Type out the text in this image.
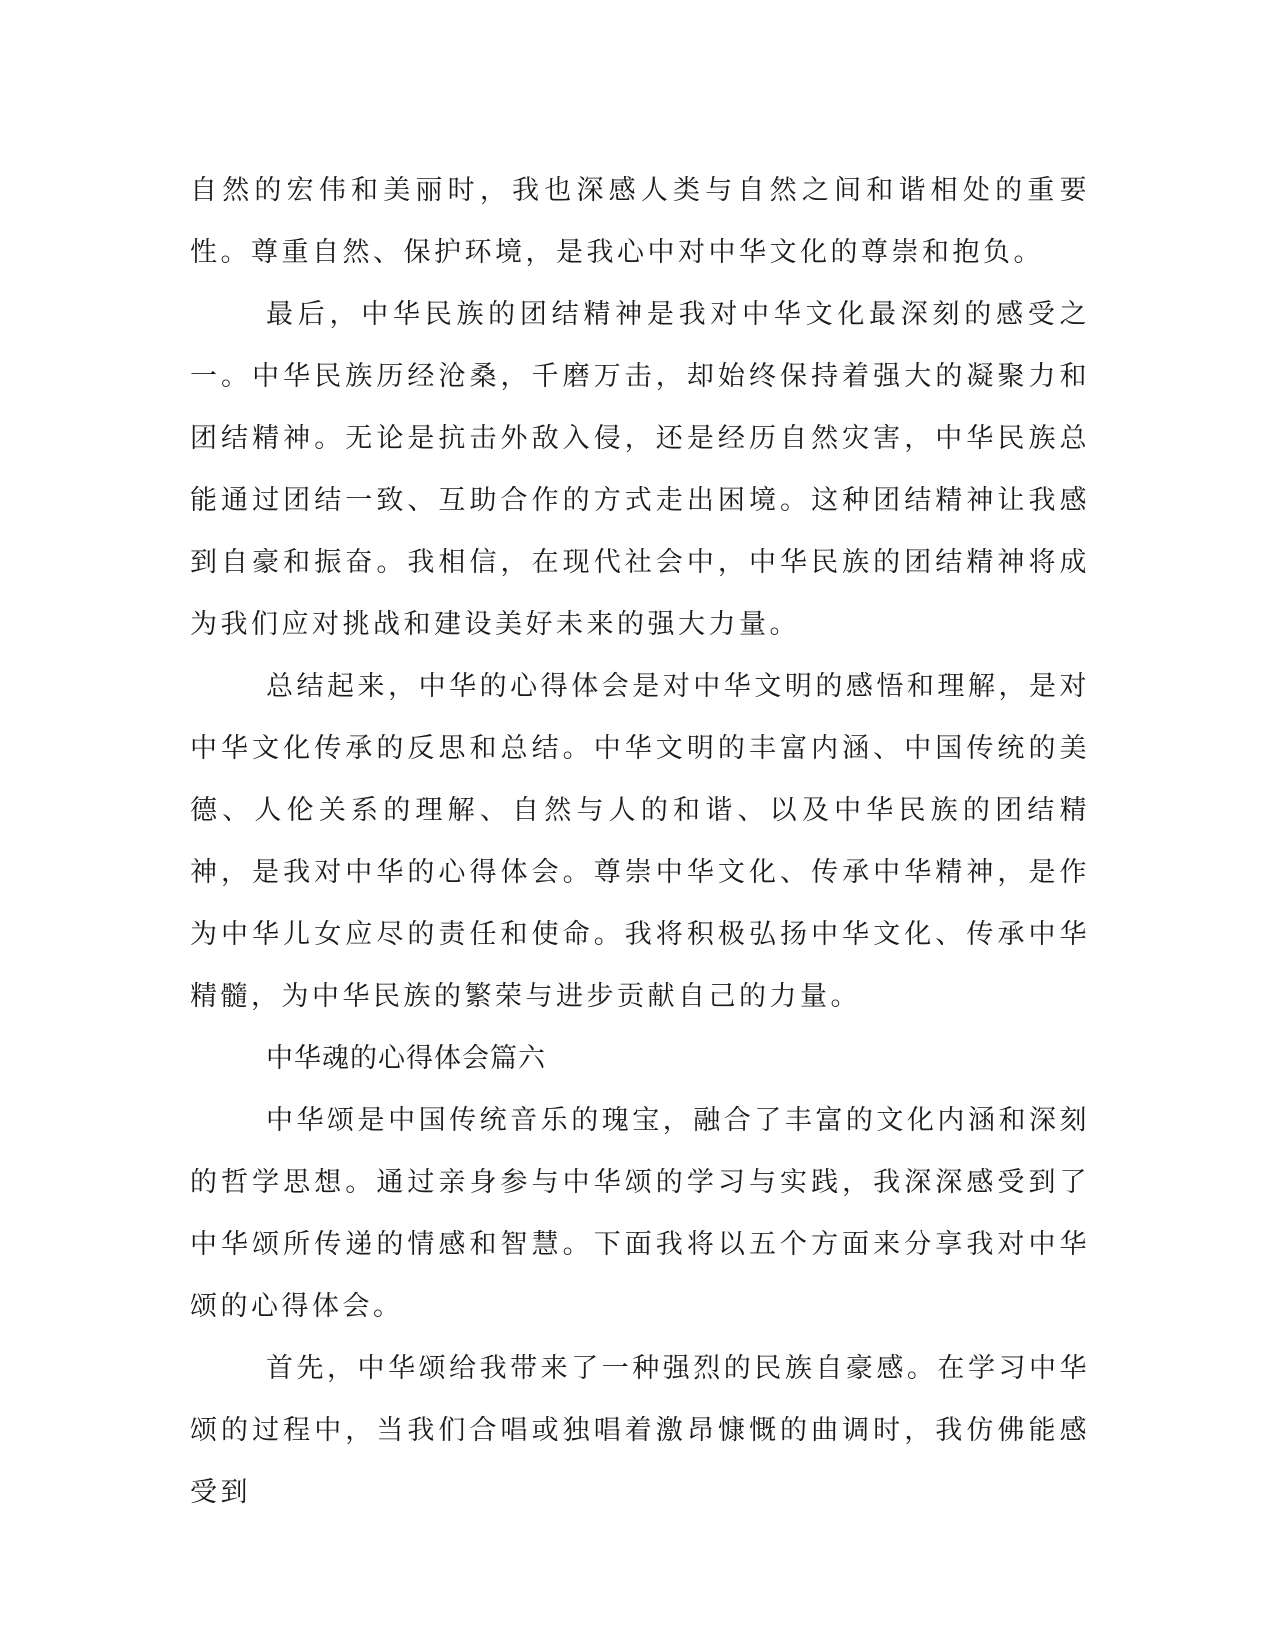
自然的宏伟和美丽时，我也深感人类与自然之间和谐相处的重要性。尊重自然、保护环境，是我心中对中华文化的尊崇和抱负。

最后，中华民族的团结精神是我对中华文化最深刻的感受之一。中华民族历经沧桑，千磨万击，却始终保持着强大的凝聚力和团结精神。无论是抗击外敌入侵，还是经历自然灾害，中华民族总能通过团结一致、互助合作的方式走出困境。这种团结精神让我感到自豪和振奋。我相信，在现代社会中，中华民族的团结精神将成为我们应对挑战和建设美好未来的强大力量。

总结起来，中华的心得体会是对中华文明的感悟和理解，是对中华文化传承的反思和总结。中华文明的丰富内涵、中国传统的美德、人伦关系的理解、自然与人的和谐、以及中华民族的团结精神，是我对中华的心得体会。尊崇中华文化、传承中华精神，是作为中华儿女应尽的责任和使命。我将积极弘扬中华文化、传承中华精髓，为中华民族的繁荣与进步贡献自己的力量。

中华魂的心得体会篇六

中华颂是中国传统音乐的瑰宝，融合了丰富的文化内涵和深刻的哲学思想。通过亲身参与中华颂的学习与实践，我深深感受到了中华颂所传递的情感和智慧。下面我将以五个方面来分享我对中华颂的心得体会。

首先，中华颂给我带来了一种强烈的民族自豪感。在学习中华颂的过程中，当我们合唱或独唱着激昂慷慨的曲调时，我仿佛能感受到
